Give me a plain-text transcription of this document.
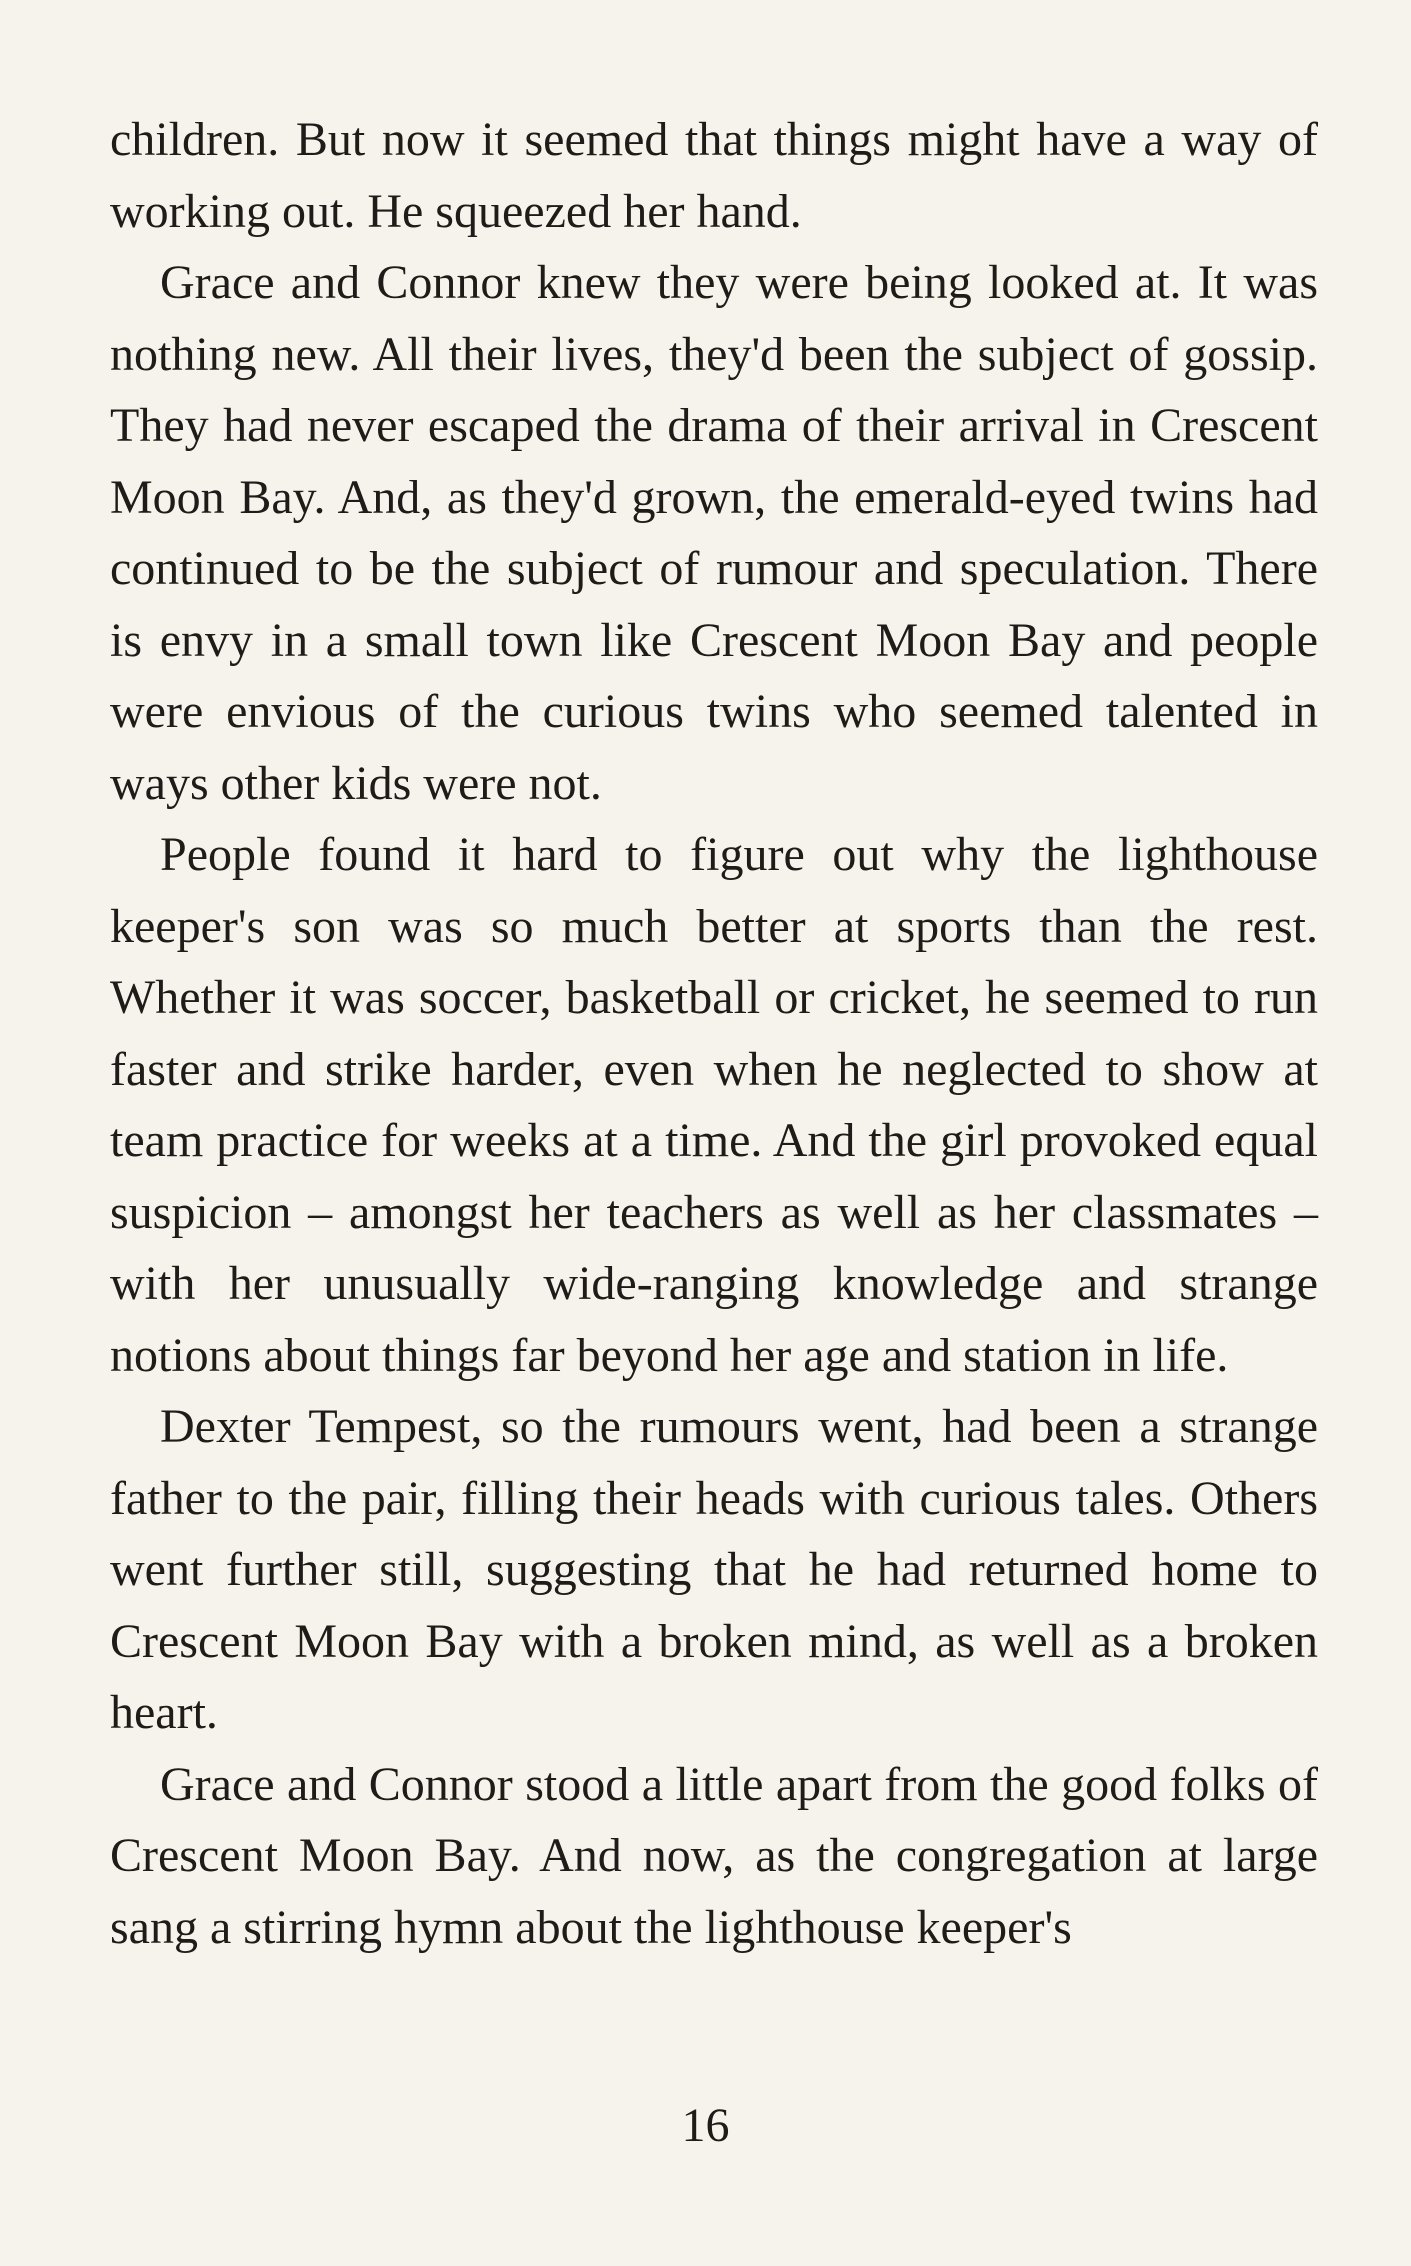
children. But now it seemed that things might have a way of working out. He squeezed her hand.

Grace and Connor knew they were being looked at. It was nothing new. All their lives, they'd been the subject of gossip. They had never escaped the drama of their arrival in Crescent Moon Bay. And, as they'd grown, the emerald-eyed twins had continued to be the subject of rumour and speculation. There is envy in a small town like Crescent Moon Bay and people were envious of the curious twins who seemed talented in ways other kids were not.

People found it hard to figure out why the lighthouse keeper's son was so much better at sports than the rest. Whether it was soccer, basketball or cricket, he seemed to run faster and strike harder, even when he neglected to show at team practice for weeks at a time. And the girl provoked equal suspicion – amongst her teachers as well as her classmates – with her unusually wide-ranging knowledge and strange notions about things far beyond her age and station in life.

Dexter Tempest, so the rumours went, had been a strange father to the pair, filling their heads with curious tales. Others went further still, suggesting that he had returned home to Crescent Moon Bay with a broken mind, as well as a broken heart.

Grace and Connor stood a little apart from the good folks of Crescent Moon Bay. And now, as the congregation at large sang a stirring hymn about the lighthouse keeper's

16
